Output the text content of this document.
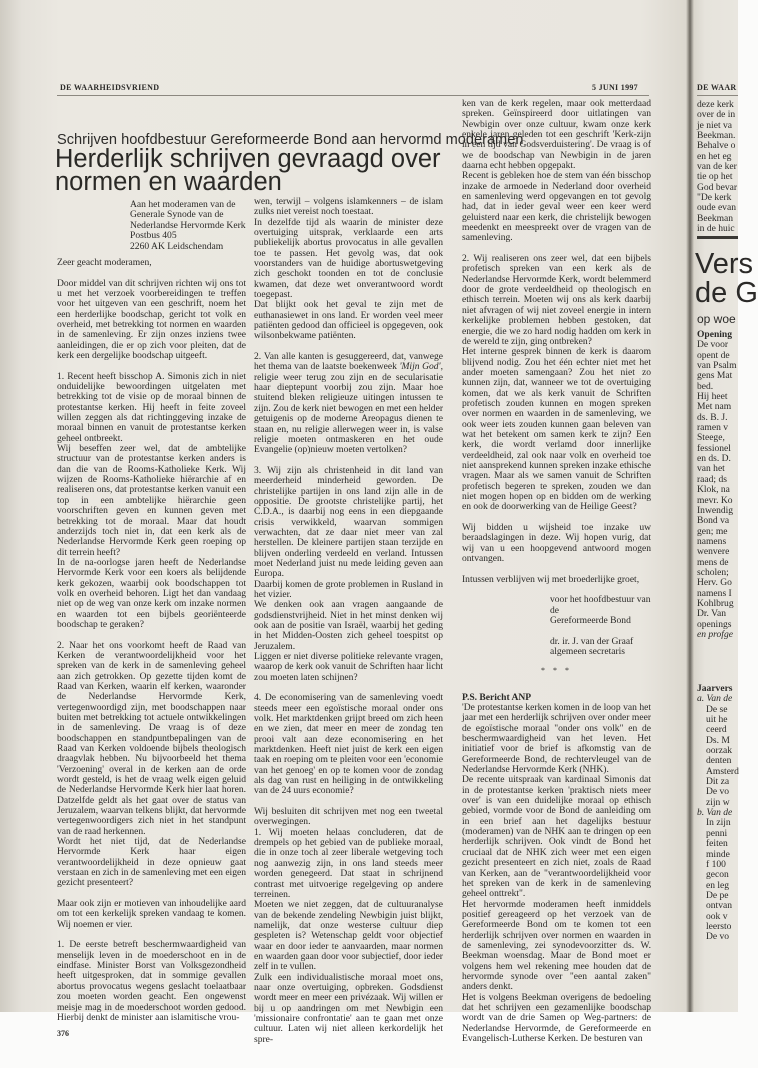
DE WAARHEIDSVRIEND	5 JUNI 1997
Schrijven hoofdbestuur Gereformeerde Bond aan hervormd moderamen
Herderlijk schrijven gevraagd over normen en waarden
Aan het moderamen van de
Generale Synode van de
Nederlandse Hervormde Kerk
Postbus 405
2260 AK Leidschendam

Zeer geacht moderamen,

Door middel van dit schrijven richten wij ons tot u met het verzoek voorbereidingen te treffen voor het uitgeven van een geschrift, noem het een herderlijke boodschap, gericht tot volk en overheid, met betrekking tot normen en waarden in de samenleving. Er zijn onzes inziens twee aanleidingen, die er op zich voor pleiten, dat de kerk een dergelijke boodschap uitgeeft.

1. Recent heeft bisschop A. Simonis zich in niet onduidelijke bewoordingen uitgelaten met betrekking tot de visie op de moraal binnen de protestantse kerken. Hij heeft in feite zoveel willen zeggen als dat richtinggeving inzake de moraal binnen en vanuit de protestantse kerken geheel ontbreekt.

Wij beseffen zeer wel, dat de ambtelijke structuur van de protestantse kerken anders is dan die van de Rooms-Katholieke Kerk. Wij wijzen de Rooms-Katholieke hiërarchie af en realiseren ons, dat protestantse kerken vanuit een top in een ambtelijke hiërarchie geen voorschriften geven en kunnen geven met betrekking tot de moraal. Maar dat houdt anderzijds toch niet in, dat een kerk als de Nederlandse Hervormde Kerk geen roeping op dit terrein heeft?

In de na-oorlogse jaren heeft de Nederlandse Hervormde Kerk voor een koers als belijdende kerk gekozen, waarbij ook boodschappen tot volk en overheid behoren. Ligt het dan vandaag niet op de weg van onze kerk om inzake normen en waarden tot een bijbels georiënteerde boodschap te geraken?

2. Naar het ons voorkomt heeft de Raad van Kerken de verantwoordelijkheid voor het spreken van de kerk in de samenleving geheel aan zich getrokken. Op gezette tijden komt de Raad van Kerken, waarin elf kerken, waaronder de Nederlandse Hervormde Kerk, vertegenwoordigd zijn, met boodschappen naar buiten met betrekking tot actuele ontwikkelingen in de samenleving. De vraag is of deze boodschappen en standpuntbepalingen van de Raad van Kerken voldoende bijbels theologisch draagvlak hebben. Nu bijvoorbeeld het thema 'Verzoening' overal in de kerken aan de orde wordt gesteld, is het de vraag welk eigen geluid de Nederlandse Hervormde Kerk hier laat horen. Datzelfde geldt als het gaat over de status van Jeruzalem, waarvan telkens blijkt, dat hervormde vertegenwoordigers zich niet in het standpunt van de raad herkennen.

Wordt het niet tijd, dat de Nederlandse Hervormde Kerk haar eigen verantwoordelijkheid in deze opnieuw gaat verstaan en zich in de samenleving met een eigen gezicht presenteert?

Maar ook zijn er motieven van inhoudelijke aard om tot een kerkelijk spreken vandaag te komen. Wij noemen er vier.

1. De eerste betreft beschermwaardigheid van menselijk leven in de moederschoot en in de eindfase. Minister Borst van Volksgezondheid heeft uitgesproken, dat in sommige gevallen abortus provocatus wegens geslacht toelaatbaar zou moeten worden geacht. Een ongewenst meisje mag in de moederschoot worden gedood. Hierbij denkt de minister aan islamitische vrou-

wen, terwijl – volgens islamkenners – de islam zulks niet vereist noch toestaat.

In dezelfde tijd als waarin de minister deze overtuiging uitsprak, verklaarde een arts publiekelijk abortus provocatus in alle gevallen toe te passen. Het gevolg was, dat ook voorstanders van de huidige abortuswetgeving zich geschokt toonden en tot de conclusie kwamen, dat deze wet onverantwoord wordt toegepast.

Dat blijkt ook het geval te zijn met de euthanasiewet in ons land. Er worden veel meer patiënten gedood dan officieel is opgegeven, ook wilsonbekwame patiënten.

2. Van alle kanten is gesuggereerd, dat, vanwege het thema van de laatste boekenweek 'Mijn God', religie weer terug zou zijn en de secularisatie haar dieptepunt voorbij zou zijn. Maar hoe stuitend bleken religieuze uitingen intussen te zijn. Zou de kerk niet bewogen en met een helder getuigenis op de moderne Areopagus dienen te staan en, nu religie allerwegen weer in, is valse religie moeten ontmaskeren en het oude Evangelie (op)nieuw moeten vertolken?

3. Wij zijn als christenheid in dit land van meerderheid minderheid geworden. De christelijke partijen in ons land zijn alle in de oppositie. De grootste christelijke partij, het C.D.A., is daarbij nog eens in een diepgaande crisis verwikkeld, waarvan sommigen verwachten, dat ze daar niet meer van zal herstellen. De kleinere partijen staan terzijde en blijven onderling verdeeld en verland. Intussen moet Nederland juist nu mede leiding geven aan Europa.

Daarbij komen de grote problemen in Rusland in het vizier.

We denken ook aan vragen aangaande de godsdienstvrijheid. Niet in het minst denken wij ook aan de positie van Israël, waarbij het geding in het Midden-Oosten zich geheel toespitst op Jeruzalem.

Liggen er niet diverse politieke relevante vragen, waarop de kerk ook vanuit de Schriften haar licht zou moeten laten schijnen?

4. De economisering van de samenleving voedt steeds meer een egoïstische moraal onder ons volk. Het marktdenken grijpt breed om zich heen en we zien, dat meer en meer de zondag ten prooi valt aan deze economisering en het marktdenken. Heeft niet juist de kerk een eigen taak en roeping om te pleiten voor een 'economie van het genoeg' en op te komen voor de zondag als dag van rust en heiliging in de ontwikkeling van de 24 uurs economie?

Wij besluiten dit schrijven met nog een tweetal overwegingen.

1. Wij moeten helaas concluderen, dat de drempels op het gebied van de publieke moraal, die in onze toch al zeer liberale wetgeving toch nog aanwezig zijn, in ons land steeds meer worden genegeerd. Dat staat in schrijnend contrast met uitvoerige regelgeving op andere terreinen.

Moeten we niet zeggen, dat de cultuuranalyse van de bekende zendeling Newbigin juist blijkt, namelijk, dat onze westerse cultuur diep gespleten is? Wetenschap geldt voor objectief waar en door ieder te aanvaarden, maar normen en waarden gaan door voor subjectief, door ieder zelf in te vullen.

Zulk een individualistische moraal moet ons, naar onze overtuiging, opbreken. Godsdienst wordt meer en meer een privézaak. Wij willen er bij u op aandringen om met Newbigin een 'missionaire confrontatie' aan te gaan met onze cultuur. Laten wij niet alleen kerkordelijk het spre-

ken van de kerk regelen, maar ook metterdaad spreken. Geïnspireerd door uitlatingen van Newbigin over onze cultuur, kwam onze kerk enkele jaren geleden tot een geschrift 'Kerk-zijn in een tijd van Godsverduistering'. De vraag is of we de boodschap van Newbigin in de jaren daarna echt hebben opgepakt.

Recent is gebleken hoe de stem van één bisschop inzake de armoede in Nederland door overheid en samenleving werd opgevangen en tot gevolg had, dat in ieder geval weer een keer werd geluisterd naar een kerk, die christelijk bewogen meedenkt en meespreekt over de vragen van de samenleving.

2. Wij realiseren ons zeer wel, dat een bijbels profetisch spreken van een kerk als de Nederlandse Hervormde Kerk, wordt belemmerd door de grote verdeeldheid op theologisch en ethisch terrein. Moeten wij ons als kerk daarbij niet afvragen of wij niet zoveel energie in intern kerkelijke problemen hebben gestoken, dat energie, die we zo hard nodig hadden om kerk in de wereld te zijn, ging ontbreken?

Het interne gesprek binnen de kerk is daarom blijvend nodig. Zou het één echter niet met het ander moeten samengaan? Zou het niet zo kunnen zijn, dat, wanneer we tot de overtuiging komen, dat we als kerk vanuit de Schriften profetisch zouden kunnen en mogen spreken over normen en waarden in de samenleving, we ook weer iets zouden kunnen gaan beleven van wat het betekent om samen kerk te zijn? Een kerk, die wordt verlamd door innerlijke verdeeldheid, zal ook naar volk en overheid toe niet aansprekend kunnen spreken inzake ethische vragen. Maar als we samen vanuit de Schriften profetisch begeren te spreken, zouden we dan niet mogen hopen op en bidden om de werking en ook de doorwerking van de Heilige Geest?

Wij bidden u wijsheid toe inzake uw beraadslagingen in deze. Wij hopen vurig, dat wij van u een hoopgevend antwoord mogen ontvangen.

Intussen verblijven wij met broederlijke groet,

voor het hoofdbestuur van de
Gereformeerde Bond

dr. ir. J. van der Graaf
algemeen secretaris

* * *

P.S. Bericht ANP

'De protestantse kerken komen in de loop van het jaar met een herderlijk schrijven over onder meer de egoïstische moraal "onder ons volk" en de beschermwaardigheid van het leven. Het initiatief voor de brief is afkomstig van de Gereformeerde Bond, de rechtervleugel van de Nederlandse Hervormde Kerk (NHK).

De recente uitspraak van kardinaal Simonis dat in de protestantse kerken 'praktisch niets meer over' is van een duidelijke moraal op ethisch gebied, vormde voor de Bond de aanleiding om in een brief aan het dagelijks bestuur (moderamen) van de NHK aan te dringen op een herderlijk schrijven. Ook vindt de Bond het cruciaal dat de NHK zich weer met een eigen gezicht presenteert en zich niet, zoals de Raad van Kerken, aan de "verantwoordelijkheid voor het spreken van de kerk in de samenleving geheel onttrekt".

Het hervormde moderamen heeft inmiddels positief gereageerd op het verzoek van de Gereformeerde Bond om te komen tot een herderlijk schrijven over normen en waarden in de samenleving, zei synodevoorzitter ds. W. Beekman woensdag. Maar de Bond moet er volgens hem wel rekening mee houden dat de hervormde synode over "een aantal zaken" anders denkt.

Het is volgens Beekman overigens de bedoeling dat het schrijven een gezamenlijke boodschap wordt van de drie Samen op Weg-partners: de Nederlandse Hervormde, de Gereformeerde en Evangelisch-Lutherse Kerken. De besturen van

376
DE WAAR
deze kerk
over de in
je niet va
Beekman.
Behalve o
en het eg
van de ker
tie op het
God bevar
"De kerk
oude evan
Beekman
in de huic
Vers
de G
op woe
Opening
De voor
opent de
van Psalm
gens Mat
bed.
Hij heet
Met nam
ds. B. J.
ramen v
Steege,
fessionel
en ds. D.
van het
raad; ds
Klok, na
mevr. Ko
Inwendig
Bond va
gen; me
namens
wenvere
mens de
scholen;
Herv. Go
namens I
Kohlbrug
Dr. Van
openings
en profge
Jaarvers
a. Van de
De se
uit he
ceerd
Ds. M
oorzak
denten
Amsterd
Dit za
De vo
zijn w
b. Van de
In zijn
penni
feiten
minde
f 100
gecon
en leg
De pe
ontvan
ook v
leersto
De vo
